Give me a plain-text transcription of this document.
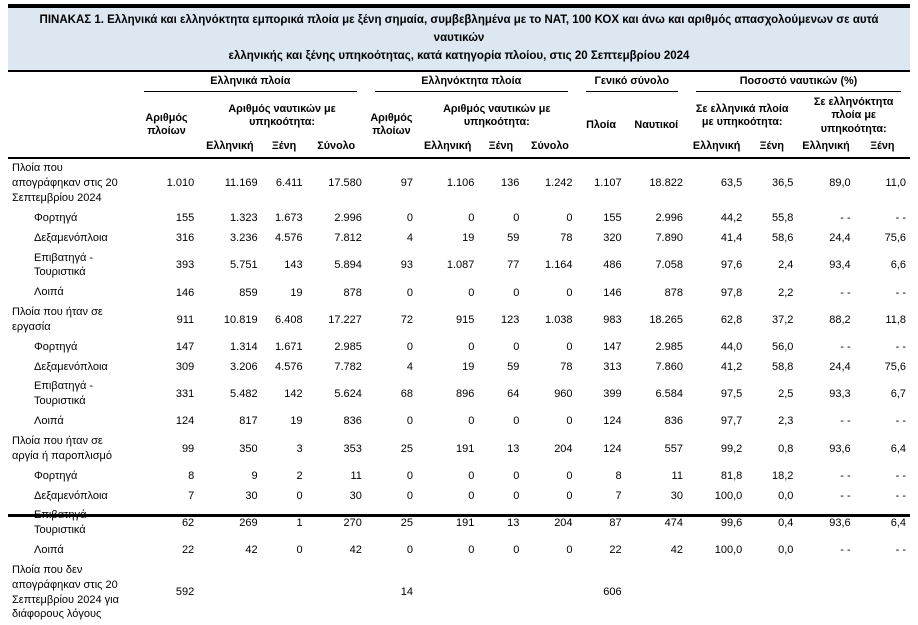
ΠΙΝΑΚΑΣ 1. Ελληνικά και ελληνόκτητα εμπορικά πλοία με ξένη σημαία, συμβεβλημένα με το ΝΑΤ, 100 ΚΟΧ και άνω και αριθμός απασχολούμενων σε αυτά ναυτικών
ελληνικής και ξένης υπηκοότητας, κατά κατηγορία πλοίου, στις 20 Σεπτεμβρίου 2024

	Ελληνικά πλοία				Ελληνόκτητα πλοία				Γενικό σύνολο		Ποσοστό ναυτικών (%)			

	Αριθμός πλοίων	Αριθμός ναυτικών με υπηκοότητα:			Αριθμός πλοίων	Αριθμός ναυτικών με υπηκοότητα:			Πλοία	Ναυτικοί	Σε ελληνικά πλοία με υπηκοότητα:		Σε ελληνόκτητα πλοία με υπηκοότητα:	
		Ελληνική	Ξένη	Σύνολο		Ελληνική	Ξένη	Σύνολο			Ελληνική	Ξένη	Ελληνική	Ξένη
Πλοία που απογράφηκαν στις 20 Σεπτεμβρίου 2024	1.010	11.169	6.411	17.580	97	1.106	136	1.242	1.107	18.822	63,5	36,5	89,0	11,0
Φορτηγά	155	1.323	1.673	2.996	0	0	0	0	155	2.996	44,2	55,8	- -	- -
Δεξαμενόπλοια	316	3.236	4.576	7.812	4	19	59	78	320	7.890	41,4	58,6	24,4	75,6
Επιβατηγά - Τουριστικά	393	5.751	143	5.894	93	1.087	77	1.164	486	7.058	97,6	2,4	93,4	6,6
Λοιπά	146	859	19	878	0	0	0	0	146	878	97,8	2,2	- -	- -
Πλοία που ήταν σε εργασία	911	10.819	6.408	17.227	72	915	123	1.038	983	18.265	62,8	37,2	88,2	11,8
Φορτηγά	147	1.314	1.671	2.985	0	0	0	0	147	2.985	44,0	56,0	- -	- -
Δεξαμενόπλοια	309	3.206	4.576	7.782	4	19	59	78	313	7.860	41,2	58,8	24,4	75,6
Επιβατηγά - Τουριστικά	331	5.482	142	5.624	68	896	64	960	399	6.584	97,5	2,5	93,3	6,7
Λοιπά	124	817	19	836	0	0	0	0	124	836	97,7	2,3	- -	- -
Πλοία που ήταν σε αργία ή παροπλισμό	99	350	3	353	25	191	13	204	124	557	99,2	0,8	93,6	6,4
Φορτηγά	8	9	2	11	0	0	0	0	8	11	81,8	18,2	- -	- -
Δεξαμενόπλοια	7	30	0	30	0	0	0	0	7	30	100,0	0,0	- -	- -
Τουριστικά	62	269	1	270	25	191	13	204	87	474	99,6	0,4	93,6	6,4
Λοιπά	22	42	0	42	0	0	0	0	22	42	100,0	0,0	- -	- -
Πλοία που δεν απογράφηκαν στις 20 Σεπτεμβρίου 2024 για διάφορους λόγους	592				14				606					
